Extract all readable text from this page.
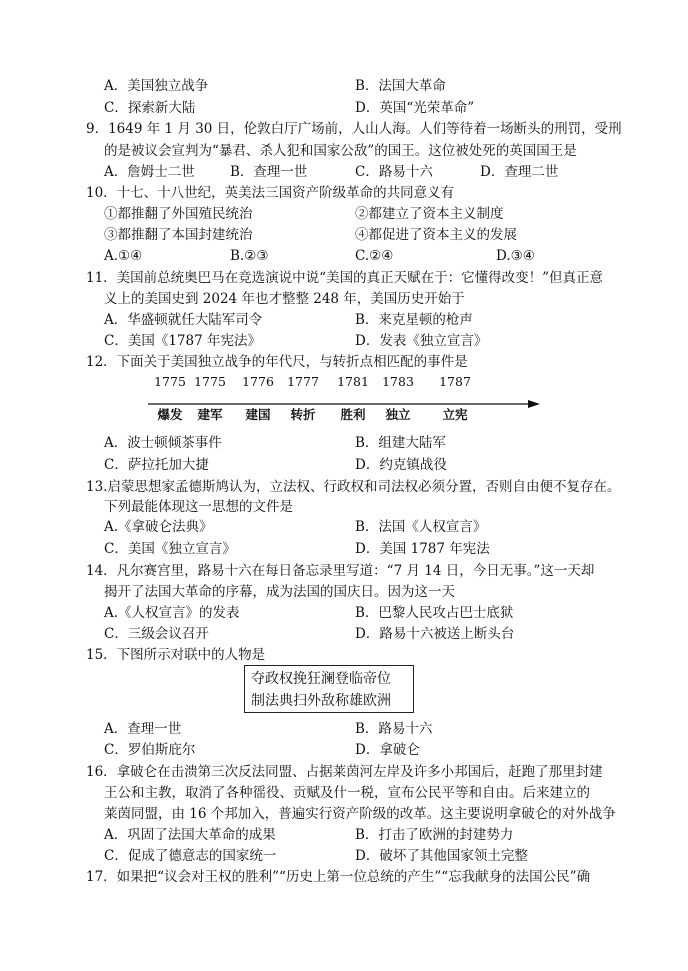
A．美国独立战争	B．法国大革命
C．探索新大陆	D．英国“光荣革命”
9．1649 年 1 月 30 日，伦敦白厅广场前，人山人海。人们等待着一场断头的刑罚，受刑
的是被议会宣判为“暴君、杀人犯和国家公敌”的国王。这位被处死的英国国王是
A．詹姆士二世	B．查理一世	C．路易十六	D．查理二世
10．十七、十八世纪，英美法三国资产阶级革命的共同意义有
①都推翻了外国殖民统治	②都建立了资本主义制度
③都推翻了本国封建统治	④都促进了资本主义的发展
A.①④	B.②③	C.②④	D.③④
11．美国前总统奥巴马在竞选演说中说“美国的真正天赋在于：它懂得改变！”但真正意
义上的美国史到 2024 年也才整整 248 年，美国历史开始于
A．华盛顿就任大陆军司令	B．来克星顿的枪声
C．美国《1787 年宪法》	D．发表《独立宣言》
12．下面关于美国独立战争的年代尺，与转折点相匹配的事件是
1775 1775	1776	1777	1781	1783	1787
爆发	建军	建国	转折	胜利	独立	立宪
A．波士顿倾茶事件	B．组建大陆军
C．萨拉托加大捷	D．约克镇战役
13.启蒙思想家孟德斯鸠认为，立法权、行政权和司法权必须分置，否则自由便不复存在。
下列最能体现这一思想的文件是
A.《拿破仑法典》	B．法国《人权宣言》
C．美国《独立宣言》	D．美国 1787 年宪法
14．凡尔赛宫里，路易十六在每日备忘录里写道：“7 月 14 日，今日无事。”这一天却
揭开了法国大革命的序幕，成为法国的国庆日。因为这一天
A.《人权宣言》的发表	B．巴黎人民攻占巴士底狱
C．三级会议召开	D．路易十六被送上断头台
15．下图所示对联中的人物是
夺政权挽狂澜登临帝位
制法典扫外敌称雄欧洲
A．查理一世	B．路易十六
C．罗伯斯庇尔	D．拿破仑
16．拿破仑在击溃第三次反法同盟、占据莱茵河左岸及许多小邦国后，赶跑了那里封建
王公和主教，取消了各种徭役、贡赋及什一税，宣布公民平等和自由。后来建立的
莱茵同盟，由 16 个邦加入，普遍实行资产阶级的改革。这主要说明拿破仑的对外战争
A．巩固了法国大革命的成果	B．打击了欧洲的封建势力
C．促成了德意志的国家统一	D．破坏了其他国家领土完整
17．如果把“议会对王权的胜利”“历史上第一位总统的产生”“忘我献身的法国公民”确
